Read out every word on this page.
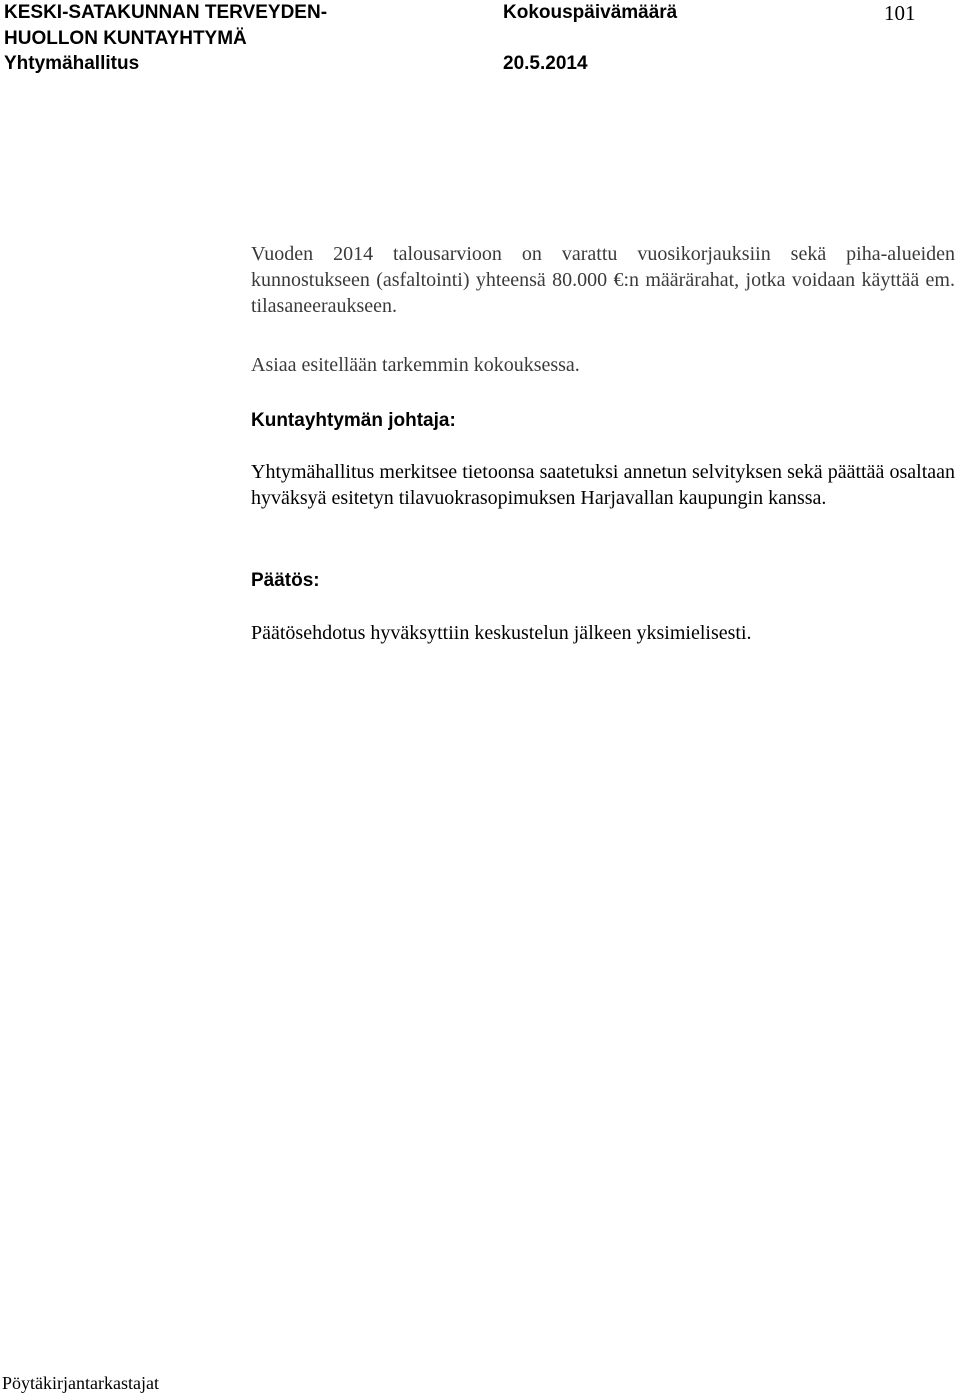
KESKI-SATAKUNNAN TERVEYDEN-

HUOLLON KUNTAYHTYMÄ

Yhtymähallitus

Kokouspäivämäärä

20.5.2014

101

Vuoden 2014 talousarvioon on varattu vuosikorjauksiin sekä piha-alueiden kunnostukseen (asfaltointi) yhteensä 80.000 €:n määrärahat, jotka voidaan käyttää em. tilasaneeraukseen.

Asiaa esitellään tarkemmin kokouksessa.

Kuntayhtymän johtaja:

Yhtymähallitus merkitsee tietoonsa saatetuksi annetun selvityksen sekä päättää osaltaan hyväksyä esitetyn tilavuokrasopimuksen Harjavallan kaupungin kanssa.

Päätös:

Päätösehdotus hyväksyttiin keskustelun jälkeen yksimielisesti.

Pöytäkirjantarkastajat
